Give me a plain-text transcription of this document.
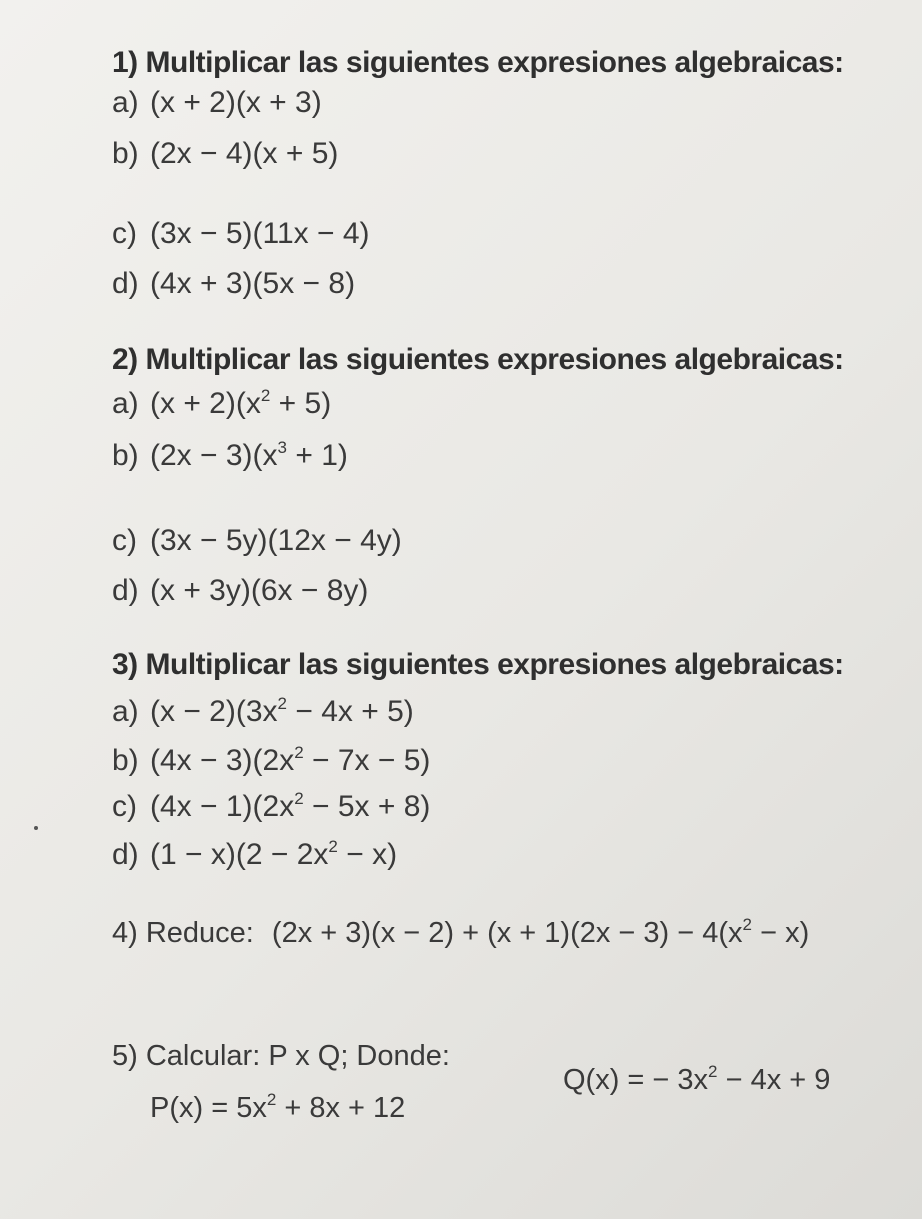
1) Multiplicar las siguientes expresiones algebraicas:
a) (x + 2)(x + 3)
b) (2x − 4)(x + 5)
c) (3x − 5)(11x − 4)
d) (4x + 3)(5x − 8)
2) Multiplicar las siguientes expresiones algebraicas:
a) $(x + 2)(x^2 + 5)$
b) $(2x - 3)(x^3 + 1)$
c) (3x − 5y)(12x − 4y)
d) (x + 3y)(6x − 8y)
3) Multiplicar las siguientes expresiones algebraicas:
a) $(x - 2)(3x^2 - 4x + 5)$
b) $(4x - 3)(2x^2 - 7x - 5)$
c) $(4x - 1)(2x^2 - 5x + 8)$
d) $(1 - x)(2 - 2x^2 - x)$
4) Reduce: $(2x + 3)(x - 2) + (x + 1)(2x - 3) - 4(x^2 - x)$
5) Calcular: P x Q; Donde:
$P(x) = 5x^2 + 8x + 12$
Q(x) = − $3x^2 - 4x + 9$
